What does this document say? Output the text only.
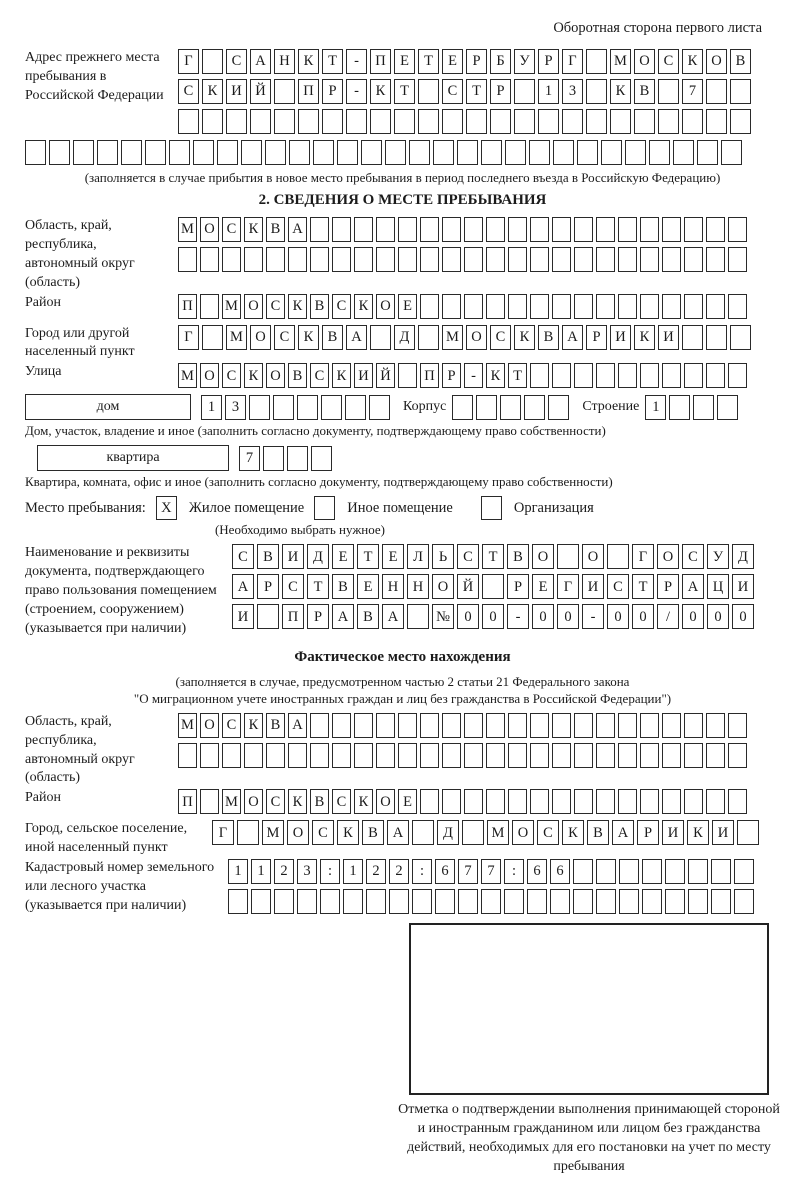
Оборотная сторона первого листа
Адрес прежнего места пребывания в Российской Федерации
Г	С А Н К	Т	-	П Е	Т	Е	Р	Б	У	Р	Г	М О С К О В
С К И Й	П	Р	-	К	Т	С	Т	Р	1	3	К В	7
(заполняется в случае прибытия в новое место пребывания в период последнего въезда в Российскую Федерацию)
2. СВЕДЕНИЯ О МЕСТЕ ПРЕБЫВАНИЯ
Область, край, республика, автономный округ (область)
М О С К В А
Район	П М О С К В С К О Е
Город или другой населенный пункт
Г	М О С К В А	Д	М О С К В А	Р	И К И
Улица	М О С К О В С К И Й П Р	-	К Т
дом	1	3	Корпус	Строение 1
Дом, участок, владение и иное (заполнить согласно документу, подтверждающему право собственности)
квартира	7
Квартира, комната, офис и иное (заполнить согласно документу, подтверждающему право собственности)
Место пребывания:	X	Жилое помещение	Иное помещение	Организация
(Необходимо выбрать нужное)
Наименование и реквизиты документа, подтверждающего право пользования помещением (строением, сооружением) (указывается при наличии)
С	В	И	Д	Е	Т	Е	Л	Ь	С	Т	В	О	О	Г	О	С	У	Д
А	Р	С	Т	В	Е	Н	Н	О	Й	Р	Е	Г	И	С	Т	Р	А	Ц	И
И	П	Р	А	В	А	№ 0	0	-	0	0	-	0	0	/	0	0	0
Фактическое место нахождения
(заполняется в случае, предусмотренном частью 2 статьи 21 Федерального закона
"О миграционном учете иностранных граждан и лиц без гражданства в Российской Федерации")
Область, край, республика, автономный округ (область)
М О С К В А
Район	П М О С К В С К О Е
Город, сельское поселение, иной населенный пункт
Г	М О	С	К	В	А	Д	М О	С	К	В	А	Р	И	К	И
Кадастровый номер земельного или лесного участка (указывается при наличии)
1	1	2	3	:	1	2	2	:	6	7	7	:	6	6
Отметка о подтверждении выполнения принимающей стороной и иностранным гражданином или лицом без гражданства действий, необходимых для его постановки на учет по месту пребывания
